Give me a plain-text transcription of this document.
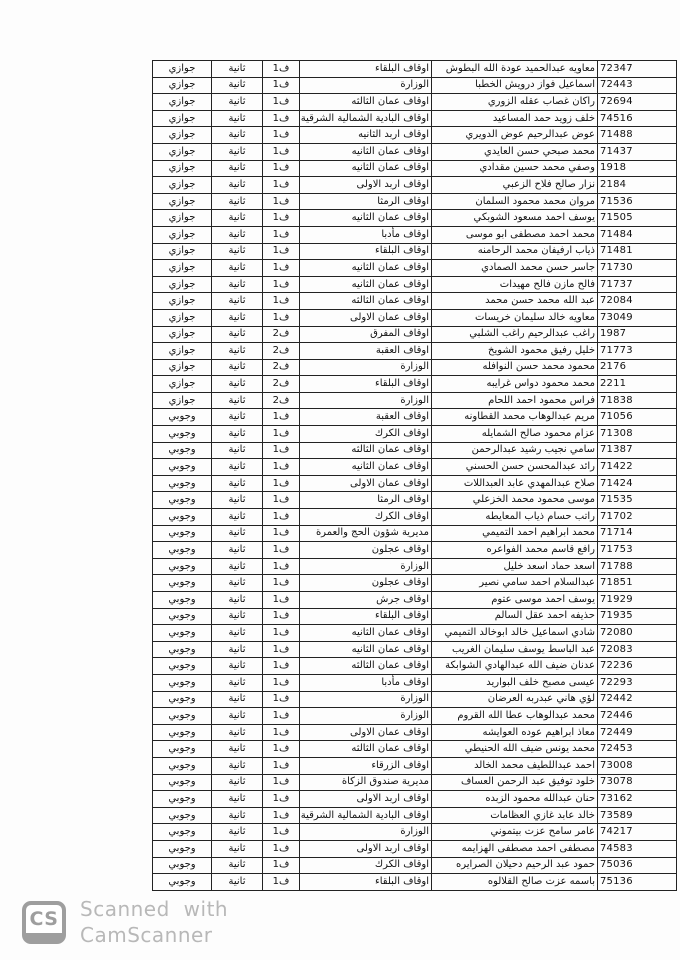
72347	معاويه عبدالحميد عودة الله البطوش	اوقاف البلقاء	ف1	ثانية	جوازي
72443	اسماعيل فواز درويش الخطبا	الوزارة	ف1	ثانية	جوازي
72694	راكان غصاب عقله الزوري	اوقاف عمان الثالثه	ف1	ثانية	جوازي
74516	خلف زويد حمد المساعيد	اوقاف البادية الشمالية الشرقية	ف1	ثانية	جوازي
71488	عوض عبدالرحيم عوض الدويري	اوقاف اربد الثانيه	ف1	ثانية	جوازي
71437	محمد صبحي حسن العايدي	اوقاف عمان الثانيه	ف1	ثانية	جوازي
1918	وصفي محمد حسين مقدادي	اوقاف عمان الثانيه	ف1	ثانية	جوازي
2184	نزار صالح فلاح الزعبي	اوقاف اربد الاولى	ف1	ثانية	جوازي
71536	مروان محمد محمود السلمان	اوقاف الرمثا	ف1	ثانية	جوازي
71505	يوسف احمد مسعود الشوبكي	اوقاف عمان الثانيه	ف1	ثانية	جوازي
71484	محمد احمد مصطفى ابو موسى	اوقاف مأدبا	ف1	ثانية	جوازي
71481	ذياب ارفيفان محمد الرحامنه	اوقاف البلقاء	ف1	ثانية	جوازي
71730	جاسر حسن محمد الصمادي	اوقاف عمان الثانيه	ف1	ثانية	جوازي
71737	فالح مازن فالح مهيدات	اوقاف عمان الثانيه	ف1	ثانية	جوازي
72084	عبد الله محمد حسن محمد	اوقاف عمان الثالثه	ف1	ثانية	جوازي
73049	معاويه خالد سليمان خريسات	اوقاف عمان الاولى	ف1	ثانية	جوازي
1987	راغب عبدالرحيم راغب الشلبي	اوقاف المفرق	ف2	ثانية	جوازي
71773	خليل رفيق محمود الشويخ	اوقاف العقبة	ف2	ثانية	جوازي
2176	محمود محمد حسن النوافله	الوزارة	ف2	ثانية	جوازي
2211	محمد محمود دواس غرايبه	اوقاف البلقاء	ف2	ثانية	جوازي
71838	فراس محمود احمد اللحام	الوزارة	ف2	ثانية	جوازي
71056	مريم عبدالوهاب محمد القطاونه	اوقاف العقبة	ف1	ثانية	وجوبي
71308	عزام محمود صالح الشمايله	اوقاف الكرك	ف1	ثانية	وجوبي
71387	سامي نجيب رشيد عبدالرحمن	اوقاف عمان الثالثه	ف1	ثانية	وجوبي
71422	رائد عبدالمحسن حسن الحسني	اوقاف عمان الثانيه	ف1	ثانية	وجوبي
71424	صلاح عبدالمهدي عابد العبداللات	اوقاف عمان الاولى	ف1	ثانية	وجوبي
71535	موسى محمود محمد الخزعلي	اوقاف الرمثا	ف1	ثانية	وجوبي
71702	راتب حسام ذياب المعايطه	اوقاف الكرك	ف1	ثانية	وجوبي
71714	محمد ابراهيم احمد التميمي	مديرية شؤون الحج والعمرة	ف1	ثانية	وجوبي
71753	رافع قاسم محمد الفواعره	اوقاف عجلون	ف1	ثانية	وجوبي
71788	اسعد حماد اسعد خليل	الوزارة	ف1	ثانية	وجوبي
71851	عبدالسلام احمد سامي نصير	اوقاف عجلون	ف1	ثانية	وجوبي
71929	يوسف احمد موسى عتوم	اوقاف جرش	ف1	ثانية	وجوبي
71935	حذيفه احمد عقل السالم	اوقاف البلقاء	ف1	ثانية	وجوبي
72080	شادي اسماعيل خالد ابوخالد التميمي	اوقاف عمان الثانيه	ف1	ثانية	وجوبي
72083	عبد الباسط يوسف سليمان الغريب	اوقاف عمان الثانيه	ف1	ثانية	وجوبي
72236	عدنان ضيف الله عبدالهادي الشوابكة	اوقاف عمان الثالثه	ف1	ثانية	وجوبي
72293	عيسى مصبح خلف البواريد	اوقاف مأدبا	ف1	ثانية	وجوبي
72442	لؤي هاني عبدربه العرضان	الوزارة	ف1	ثانية	وجوبي
72446	محمد عبدالوهاب عطا الله القروم	الوزارة	ف1	ثانية	وجوبي
72449	معاذ ابراهيم عوده العوايشه	اوقاف عمان الاولى	ف1	ثانية	وجوبي
72453	محمد يونس ضيف الله الحنيطي	اوقاف عمان الثالثه	ف1	ثانية	وجوبي
73008	احمد عبداللطيف محمد الخالد	اوقاف الزرقاء	ف1	ثانية	وجوبي
73078	خلود توفيق عبد الرحمن العساف	مديرية صندوق الزكاة	ف1	ثانية	وجوبي
73162	حنان عبدالله محمود الزبده	اوقاف اربد الاولى	ف1	ثانية	وجوبي
73589	خالد عابد غازي العظامات	اوقاف البادية الشمالية الشرقية	ف1	ثانية	وجوبي
74217	عامر سامح عزت بيتموني	الوزارة	ف1	ثانية	وجوبي
74583	مصطفى احمد مصطفى الهزايمه	اوقاف اربد الاولى	ف1	ثانية	وجوبي
75036	حمود عبد الرحيم دحيلان الصرايره	اوقاف الكرك	ف1	ثانية	وجوبي
75136	باسمه عزت صالح القلالوه	اوقاف البلقاء	ف1	ثانية	وجوبي
CS Scanned with
CamScanner
